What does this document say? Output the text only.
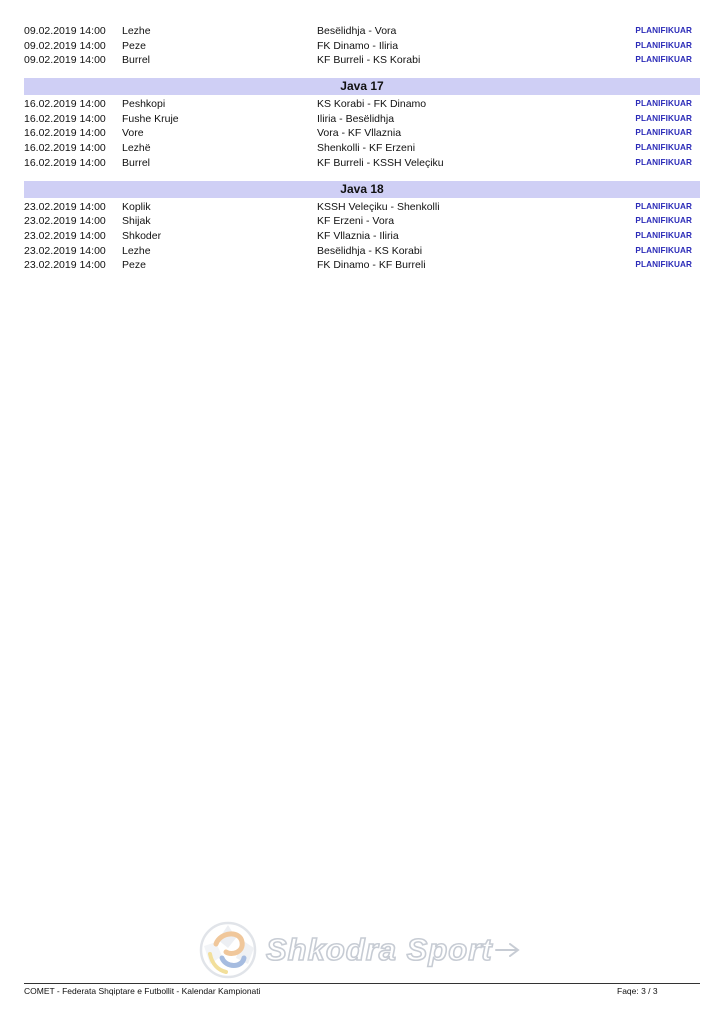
09.02.2019 14:00 Lezhe	Besëlidhja - Vora	PLANIFIKUAR
09.02.2019 14:00 Peze	FK Dinamo - Iliria	PLANIFIKUAR
09.02.2019 14:00 Burrel	KF Burreli - KS Korabi	PLANIFIKUAR
Java 17
16.02.2019 14:00 Peshkopi	KS Korabi - FK Dinamo	PLANIFIKUAR
16.02.2019 14:00 Fushe Kruje	Iliria - Besëlidhja	PLANIFIKUAR
16.02.2019 14:00 Vore	Vora - KF Vllaznia	PLANIFIKUAR
16.02.2019 14:00 Lezhë	Shenkolli - KF Erzeni	PLANIFIKUAR
16.02.2019 14:00 Burrel	KF Burreli - KSSH Veleçiku	PLANIFIKUAR
Java 18
23.02.2019 14:00 Koplik	KSSH Veleçiku - Shenkolli	PLANIFIKUAR
23.02.2019 14:00 Shijak	KF Erzeni - Vora	PLANIFIKUAR
23.02.2019 14:00 Shkoder	KF Vllaznia - Iliria	PLANIFIKUAR
23.02.2019 14:00 Lezhe	Besëlidhja - KS Korabi	PLANIFIKUAR
23.02.2019 14:00 Peze	FK Dinamo - KF Burreli	PLANIFIKUAR
Shkodra Sport
COMET - Federata Shqiptare e Futbollit - Kalendar Kampionati	Faqe: 3 / 3
